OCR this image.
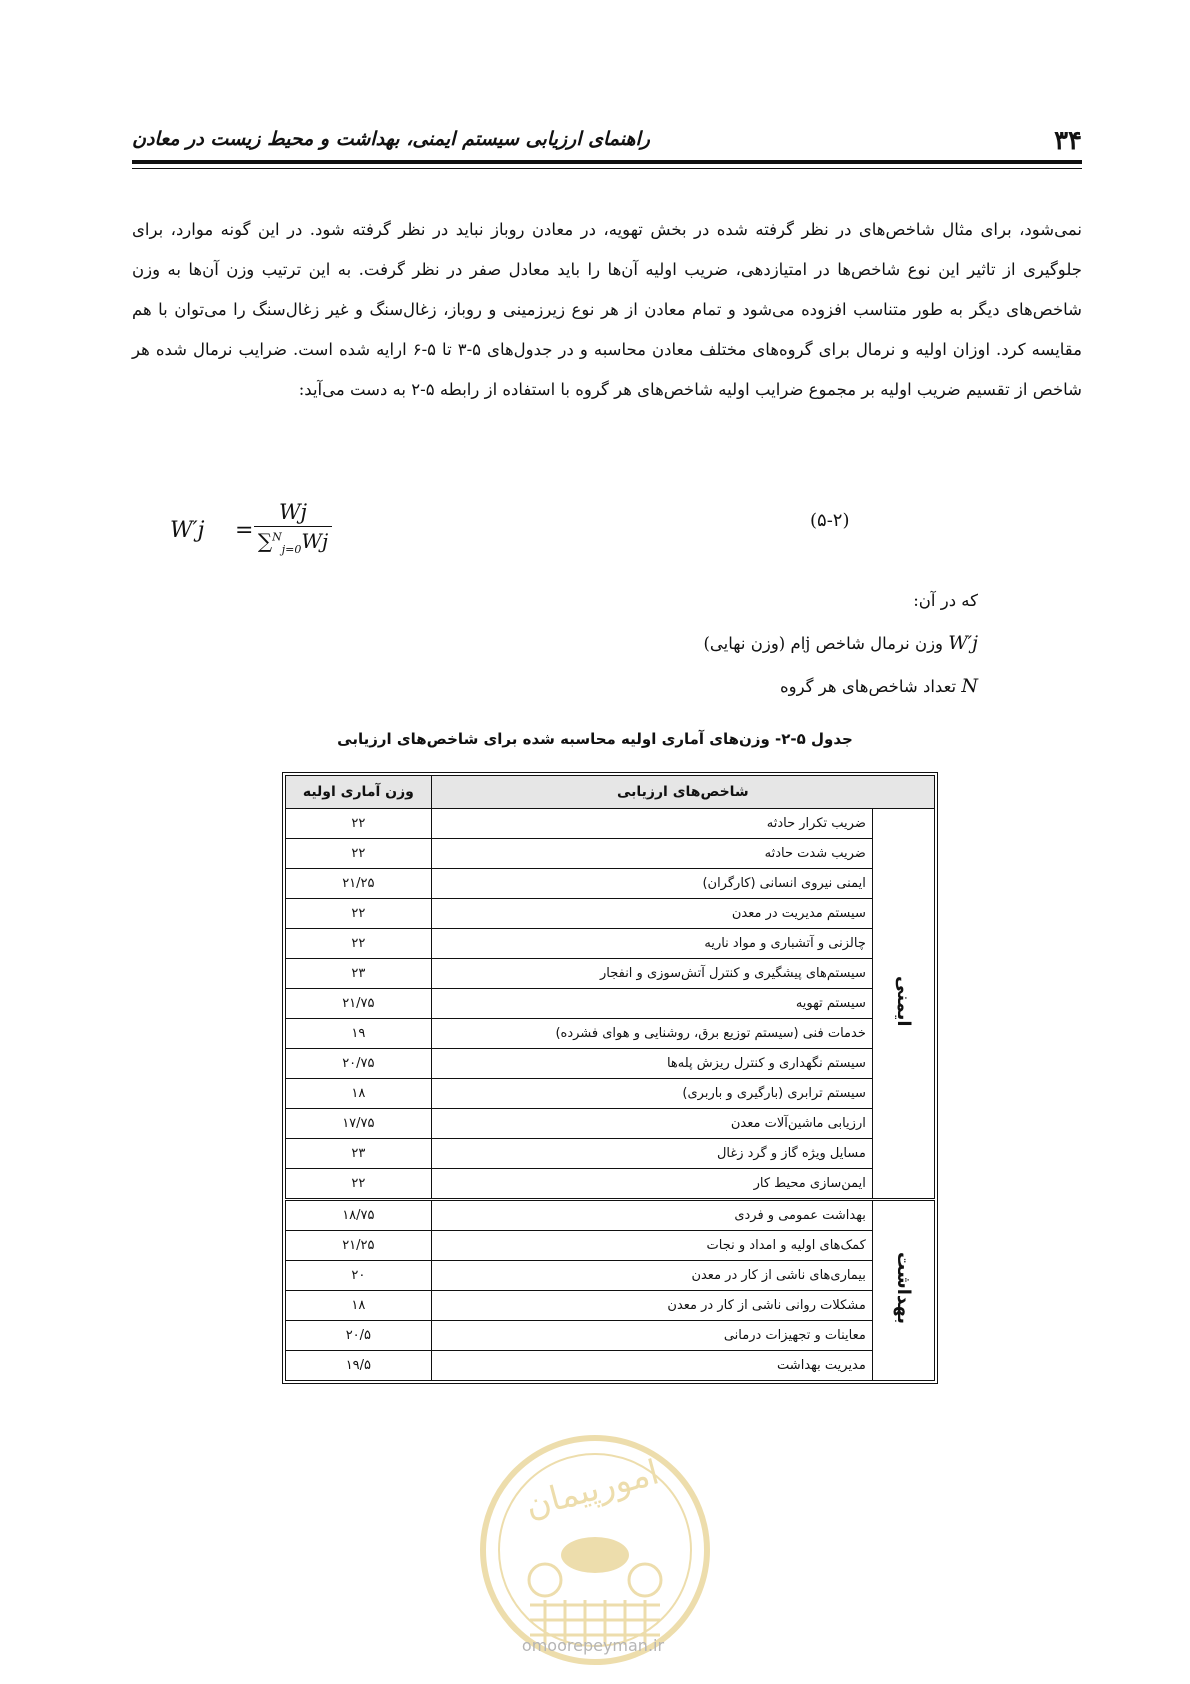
۳۴
راهنمای ارزیابی سیستم ایمنی، بهداشت و محیط زیست در معادن

نمی‌شود، برای مثال شاخص‌های در نظر گرفته شده در بخش تهویه، در معادن روباز نباید در نظر گرفته شود. در این گونه موارد، برای جلوگیری از تاثیر این نوع شاخص‌ها در امتیازدهی، ضریب اولیه آن‌ها را باید معادل صفر در نظر گرفت. به این ترتیب وزن آن‌ها به وزن شاخص‌های دیگر به طور متناسب افزوده می‌شود و تمام معادن از هر نوع زیرزمینی و روباز، زغال‌سنگ و غیر زغال‌سنگ را می‌توان با هم مقایسه کرد. اوزان اولیه و نرمال برای گروه‌های مختلف معادن محاسبه و در جدول‌های ۵-۳ تا ۵-۶ ارایه شده است. ضرایب نرمال شده هر شاخص از تقسیم ضریب اولیه بر مجموع ضرایب اولیه شاخص‌های هر گروه با استفاده از رابطه ۵-۲ به دست می‌آید:

$W'j = \frac{Wj}{\sum^N_{j=0}Wj}$	(۵-۲)
که در آن:
W′j وزن نرمال شاخص jام (وزن نهایی)
N تعداد شاخص‌های هر گروه
جدول ۵-۲- وزن‌های آماری اولیه محاسبه شده برای شاخص‌های ارزیابی
شاخص‌های ارزیابی		وزن آماری اولیه
ایمنی	ضریب تکرار حادثه	۲۲
	ضریب شدت حادثه	۲۲
	ایمنی نیروی انسانی (کارگران)	۲۱/۲۵
	سیستم مدیریت در معدن	۲۲
	چالزنی و آتشباری و مواد ناریه	۲۲
	سیستم‌های پیشگیری و کنترل آتش‌سوزی و انفجار	۲۳
	سیستم تهویه	۲۱/۷۵
	خدمات فنی (سیستم توزیع برق، روشنایی و هوای فشرده)	۱۹
	سیستم نگهداری و کنترل ریزش پله‌ها	۲۰/۷۵
	سیستم ترابری (بارگیری و باربری)	۱۸
	ارزیابی ماشین‌آلات معدن	۱۷/۷۵
	مسایل ویژه گاز و گرد زغال	۲۳
	ایمن‌سازی محیط کار	۲۲
بهداشت	بهداشت عمومی و فردی	۱۸/۷۵
	کمک‌های اولیه و امداد و نجات	۲۱/۲۵
	بیماری‌های ناشی از کار در معدن	۲۰
	مشکلات روانی ناشی از کار در معدن	۱۸
	معاینات و تجهیزات درمانی	۲۰/۵
	مدیریت بهداشت	۱۹/۵
امورپیمان
omoorepeyman.ir
